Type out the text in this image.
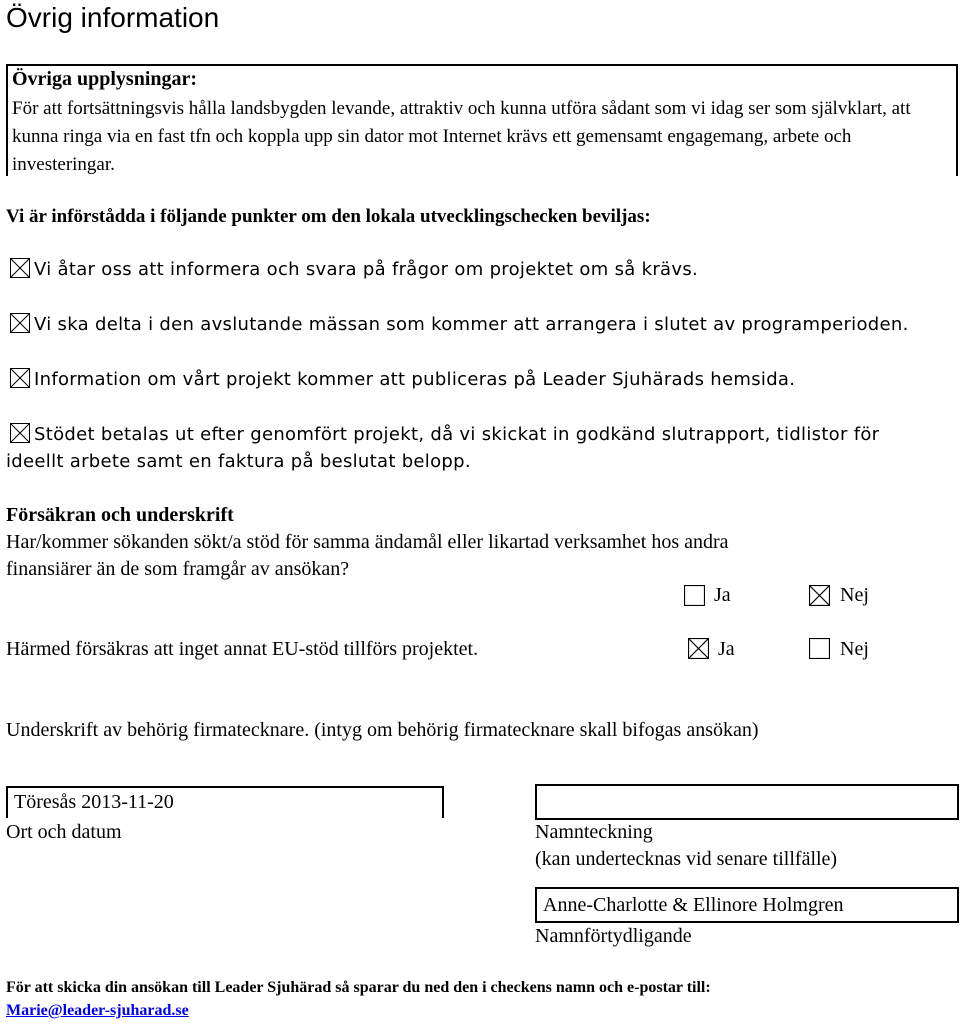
Övrig information
Övriga upplysningar:
För att fortsättningsvis hålla landsbygden levande, attraktiv och kunna utföra sådant som vi idag ser som självklart, att kunna ringa via en fast tfn och koppla upp sin dator mot Internet krävs ett gemensamt engagemang, arbete och investeringar.
Vi är införstådda i följande punkter om den lokala utvecklingschecken beviljas:
Vi åtar oss att informera och svara på frågor om projektet om så krävs.
Vi ska delta i den avslutande mässan som kommer att arrangera i slutet av programperioden.
Information om vårt projekt kommer att publiceras på Leader Sjuhärads hemsida.
Stödet betalas ut efter genomfört projekt, då vi skickat in godkänd slutrapport, tidlistor för
ideellt arbete samt en faktura på beslutat belopp.
Försäkran och underskrift
Har/kommer sökanden sökt/a stöd för samma ändamål eller likartad verksamhet hos andra
finansiärer än de som framgår av ansökan?
Ja	Nej
Härmed försäkras att inget annat EU-stöd tillförs projektet.	Ja	Nej
Underskrift av behörig firmatecknare. (intyg om behörig firmatecknare skall bifogas ansökan)
Töresås 2013-11-20
Ort och datum	Namnteckning
(kan undertecknas vid senare tillfälle)
Anne-Charlotte & Ellinore Holmgren
Namnförtydligande
För att skicka din ansökan till Leader Sjuhärad så sparar du ned den i checkens namn och e-postar till:
Marie@leader-sjuharad.se
